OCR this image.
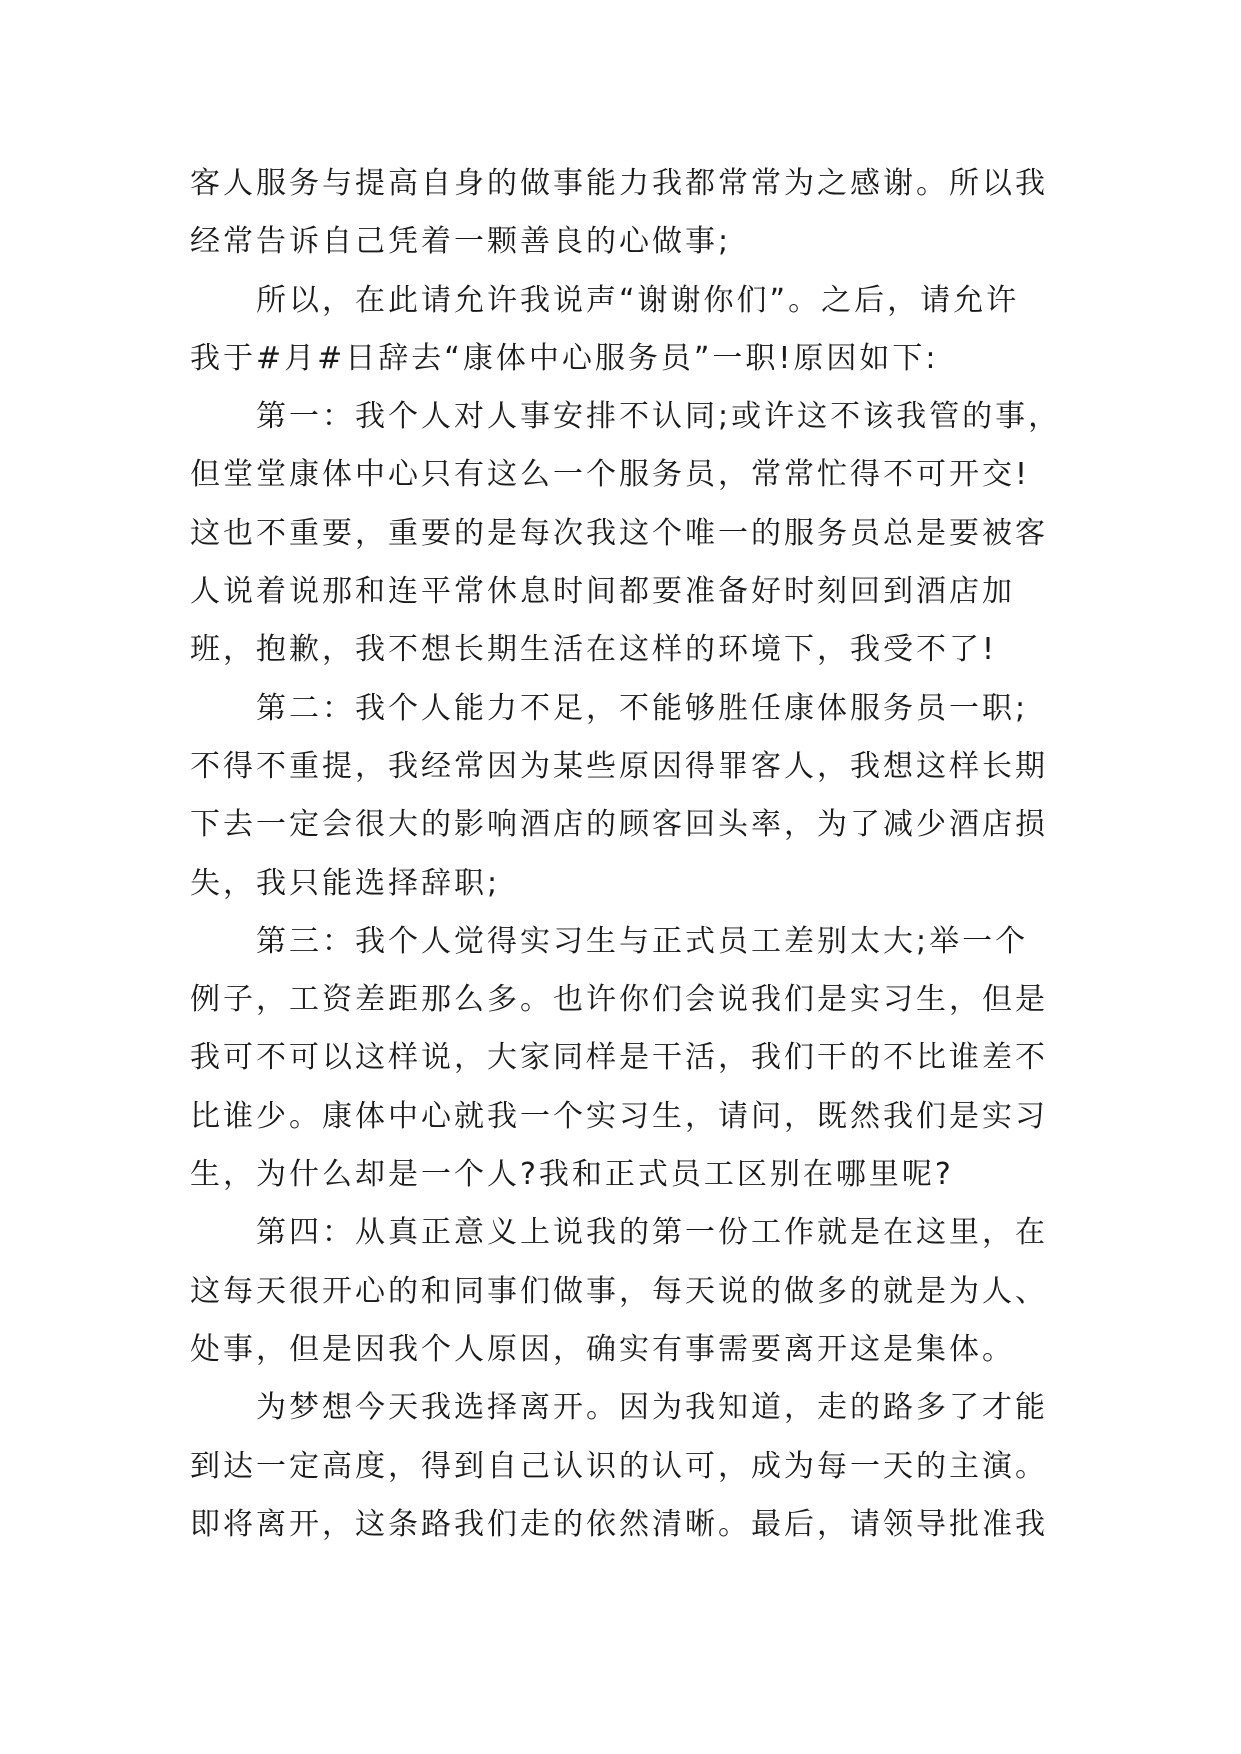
客人服务与提高自身的做事能力我都常常为之感谢。所以我

经常告诉自己凭着一颗善良的心做事;

所以，在此请允许我说声“谢谢你们”。之后，请允许

我于#月#日辞去“康体中心服务员”一职!原因如下:

第一：我个人对人事安排不认同;或许这不该我管的事，

但堂堂康体中心只有这么一个服务员，常常忙得不可开交!

这也不重要，重要的是每次我这个唯一的服务员总是要被客

人说着说那和连平常休息时间都要准备好时刻回到酒店加

班，抱歉，我不想长期生活在这样的环境下，我受不了!

第二：我个人能力不足，不能够胜任康体服务员一职;

不得不重提，我经常因为某些原因得罪客人，我想这样长期

下去一定会很大的影响酒店的顾客回头率，为了减少酒店损

失，我只能选择辞职;

第三：我个人觉得实习生与正式员工差别太大;举一个

例子，工资差距那么多。也许你们会说我们是实习生，但是

我可不可以这样说，大家同样是干活，我们干的不比谁差不

比谁少。康体中心就我一个实习生，请问，既然我们是实习

生，为什么却是一个人?我和正式员工区别在哪里呢?

第四：从真正意义上说我的第一份工作就是在这里，在

这每天很开心的和同事们做事，每天说的做多的就是为人、

处事，但是因我个人原因，确实有事需要离开这是集体。

为梦想今天我选择离开。因为我知道，走的路多了才能

到达一定高度，得到自己认识的认可，成为每一天的主演。

即将离开，这条路我们走的依然清晰。最后，请领导批准我
